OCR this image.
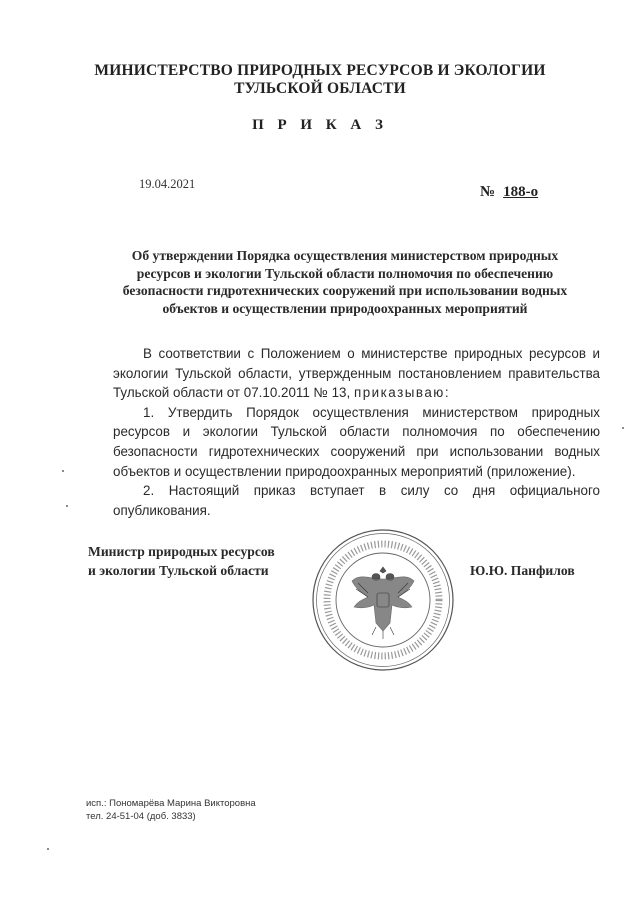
МИНИСТЕРСТВО ПРИРОДНЫХ РЕСУРСОВ И ЭКОЛОГИИ
ТУЛЬСКОЙ ОБЛАСТИ
П Р И К А З
19.04.2021	№ 188-о
Об утверждении Порядка осуществления министерством природных
ресурсов и экологии Тульской области полномочия по обеспечению
безопасности гидротехнических сооружений при использовании водных
объектов и осуществлении природоохранных мероприятий
В соответствии с Положением о министерстве природных ресурсов и
экологии Тульской области, утвержденным постановлением правительства
Тульской области от 07.10.2011 № 13, приказываю:
1. Утвердить Порядок осуществления министерством природных
ресурсов и экологии Тульской области полномочия по обеспечению
безопасности гидротехнических сооружений при использовании водных
объектов и осуществлении природоохранных мероприятий (приложение).
2. Настоящий приказ вступает в силу со дня официального
опубликования.
Министр природных ресурсов
и экологии Тульской области	Ю.Ю. Панфилов
исп.: Пономарёва Марина Викторовна
тел. 24-51-04 (доб. 3833)
